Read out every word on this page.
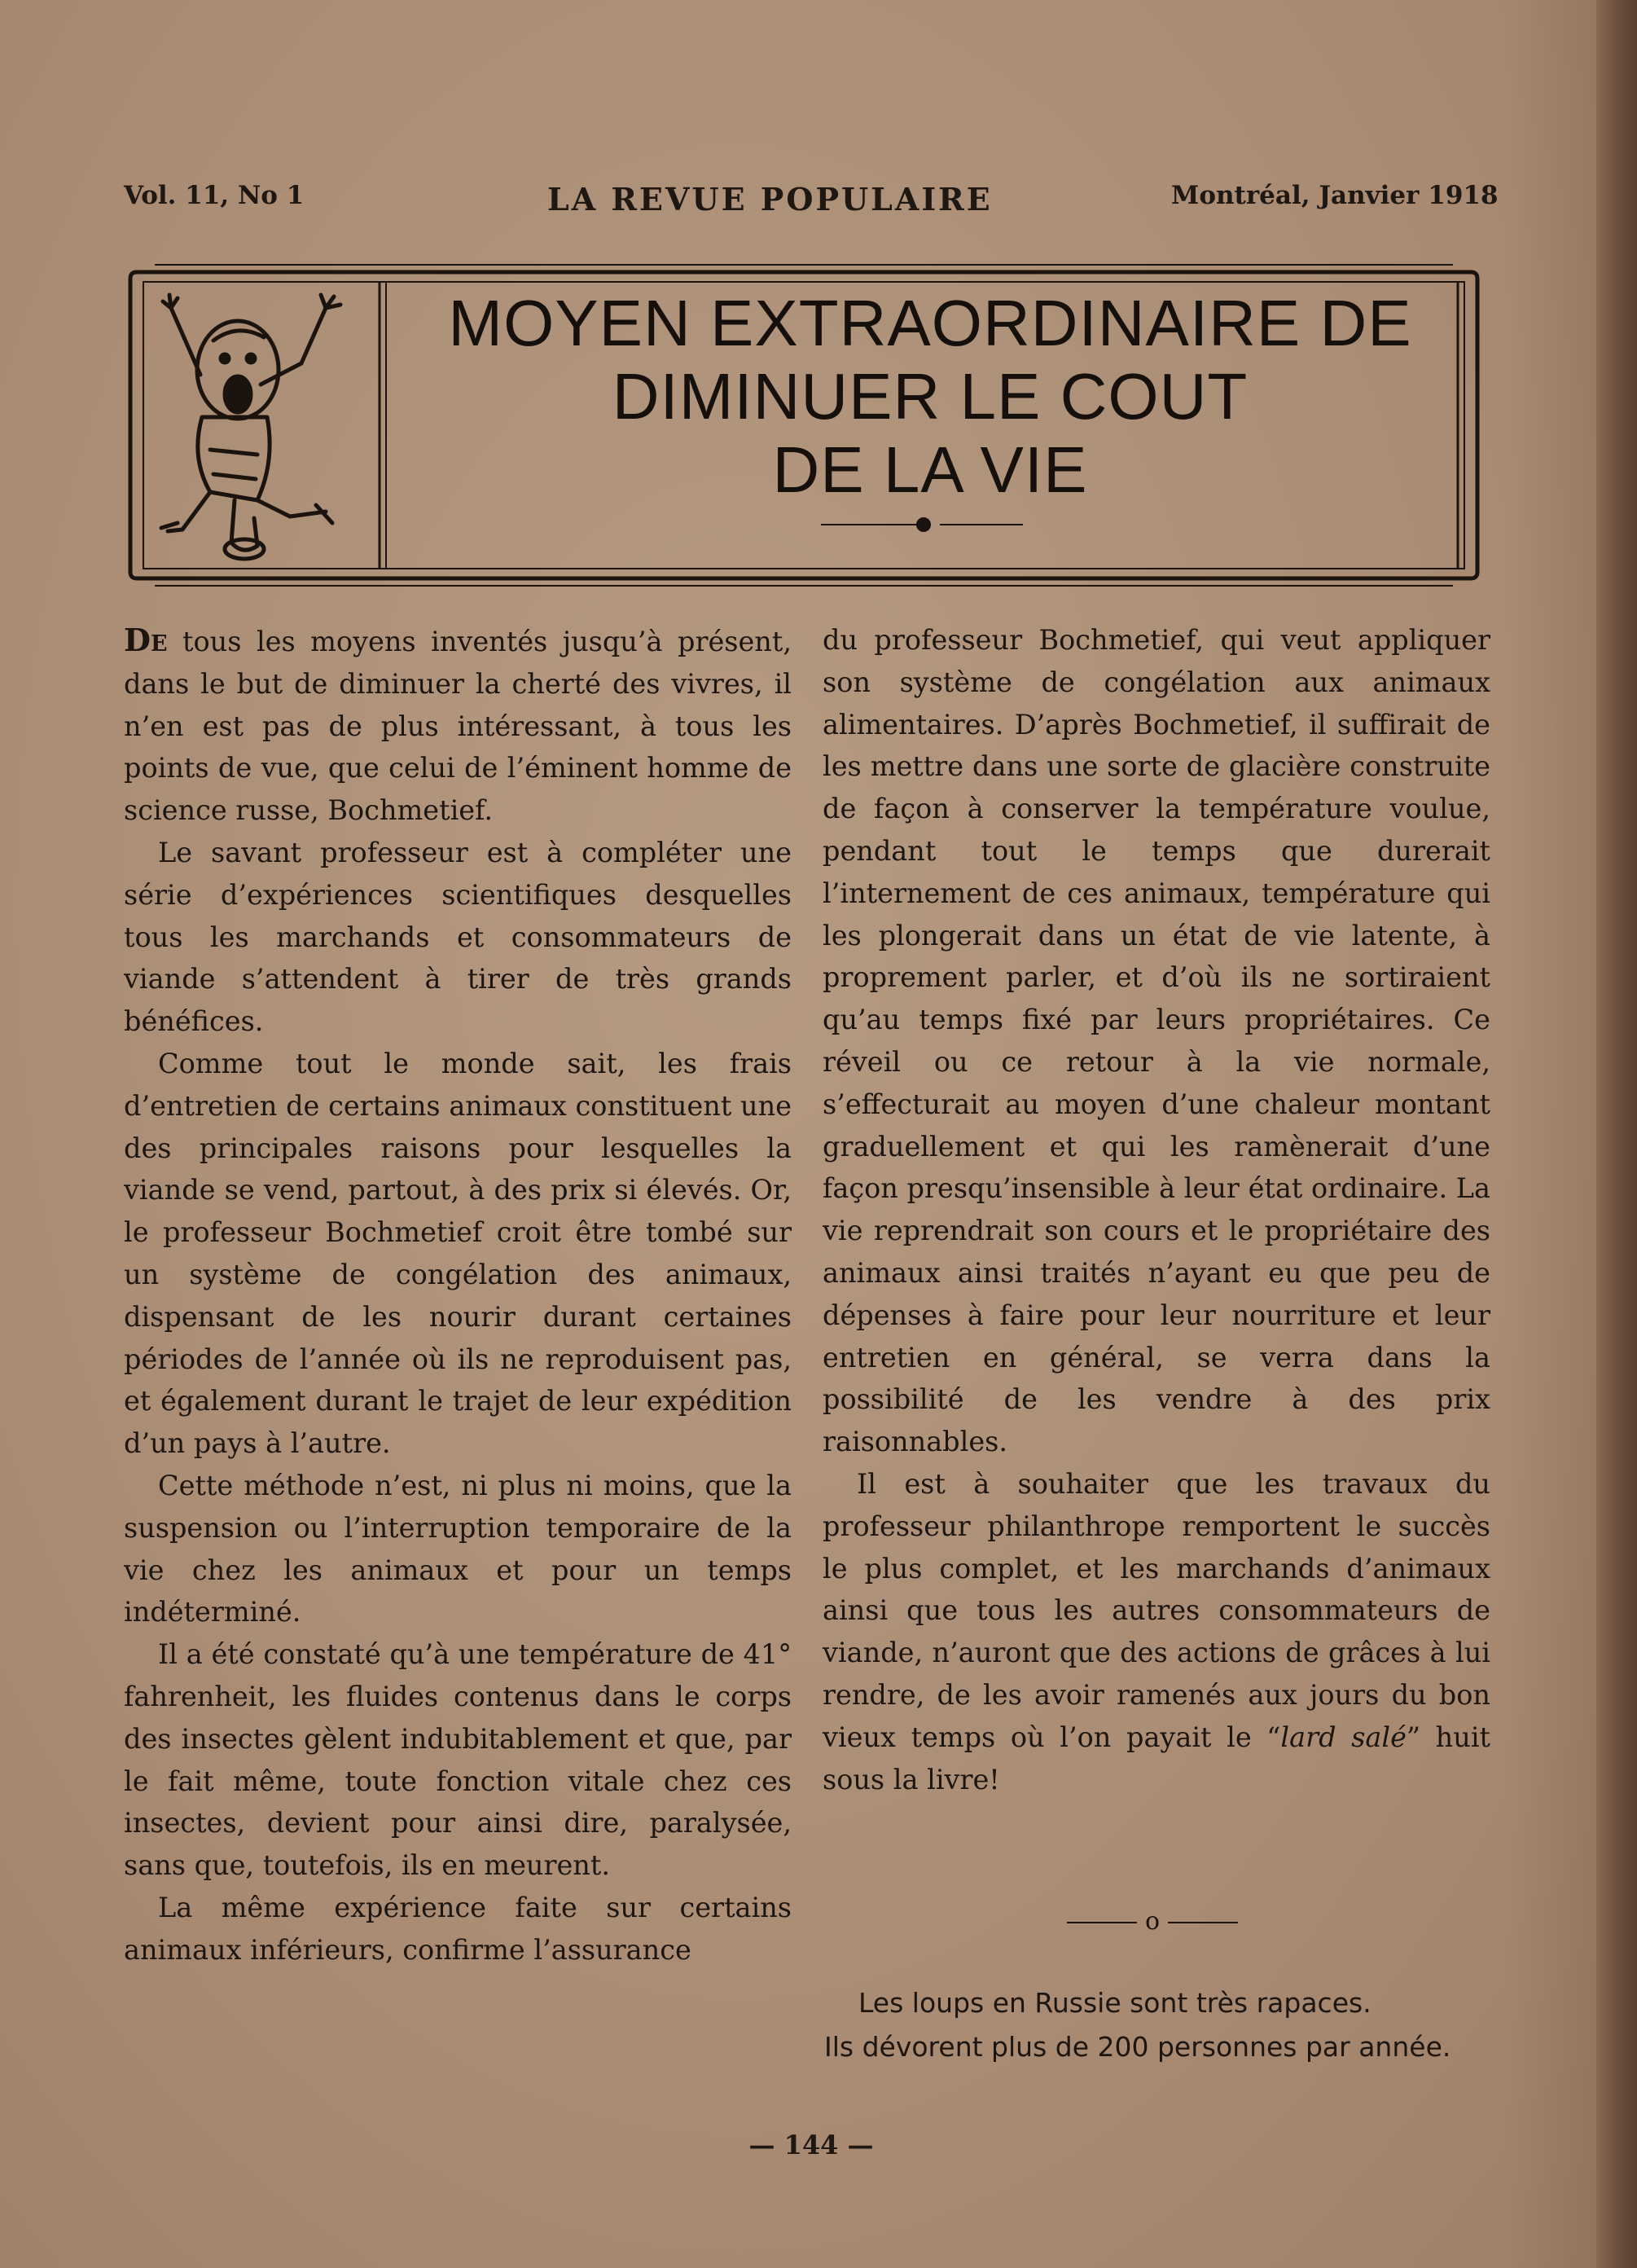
Vol. 11, No 1	LA REVUE POPULAIRE	Montréal, Janvier 1918
MOYEN EXTRAORDINAIRE DE
DIMINUER LE COUT
DE LA VIE

De tous les moyens inventés jusqu’à présent, dans le but de diminuer la cherté des vivres, il n’en est pas de plus intéressant, à tous les points de vue, que celui de l’éminent homme de science russe, Bochmetief.

Le savant professeur est à compléter une série d’expériences scientifiques desquelles tous les marchands et consommateurs de viande s’attendent à tirer de très grands bénéfices.

Comme tout le monde sait, les frais d’entretien de certains animaux constituent une des principales raisons pour lesquelles la viande se vend, partout, à des prix si élevés. Or, le professeur Bochmetief croit être tombé sur un système de congélation des animaux, dispensant de les nourir durant certaines périodes de l’année où ils ne reproduisent pas, et également durant le trajet de leur expédition d’un pays à l’autre.

Cette méthode n’est, ni plus ni moins, que la suspension ou l’interruption temporaire de la vie chez les animaux et pour un temps indéterminé.

Il a été constaté qu’à une température de 41° fahrenheit, les fluides contenus dans le corps des insectes gèlent indubitablement et que, par le fait même, toute fonction vitale chez ces insectes, devient pour ainsi dire, paralysée, sans que, toutefois, ils en meurent.

La même expérience faite sur certains animaux inférieurs, confirme l’assurance

du professeur Bochmetief, qui veut appliquer son système de congélation aux animaux alimentaires. D’après Bochmetief, il suffirait de les mettre dans une sorte de glacière construite de façon à conserver la température voulue, pendant tout le temps que durerait l’internement de ces animaux, température qui les plongerait dans un état de vie latente, à proprement parler, et d’où ils ne sortiraient qu’au temps fixé par leurs propriétaires. Ce réveil ou ce retour à la vie normale, s’effecturait au moyen d’une chaleur montant graduellement et qui les ramènerait d’une façon presqu’insensible à leur état ordinaire. La vie reprendrait son cours et le propriétaire des animaux ainsi traités n’ayant eu que peu de dépenses à faire pour leur nourriture et leur entretien en général, se verra dans la possibilité de les vendre à des prix raisonnables.

Il est à souhaiter que les travaux du professeur philanthrope remportent le succès le plus complet, et les marchands d’animaux ainsi que tous les autres consommateurs de viande, n’auront que des actions de grâces à lui rendre, de les avoir ramenés aux jours du bon vieux temps où l’on payait le “lard salé” huit sous la livre!

o

Les loups en Russie sont très rapaces.

Ils dévorent plus de 200 personnes par année.

— 144 —
